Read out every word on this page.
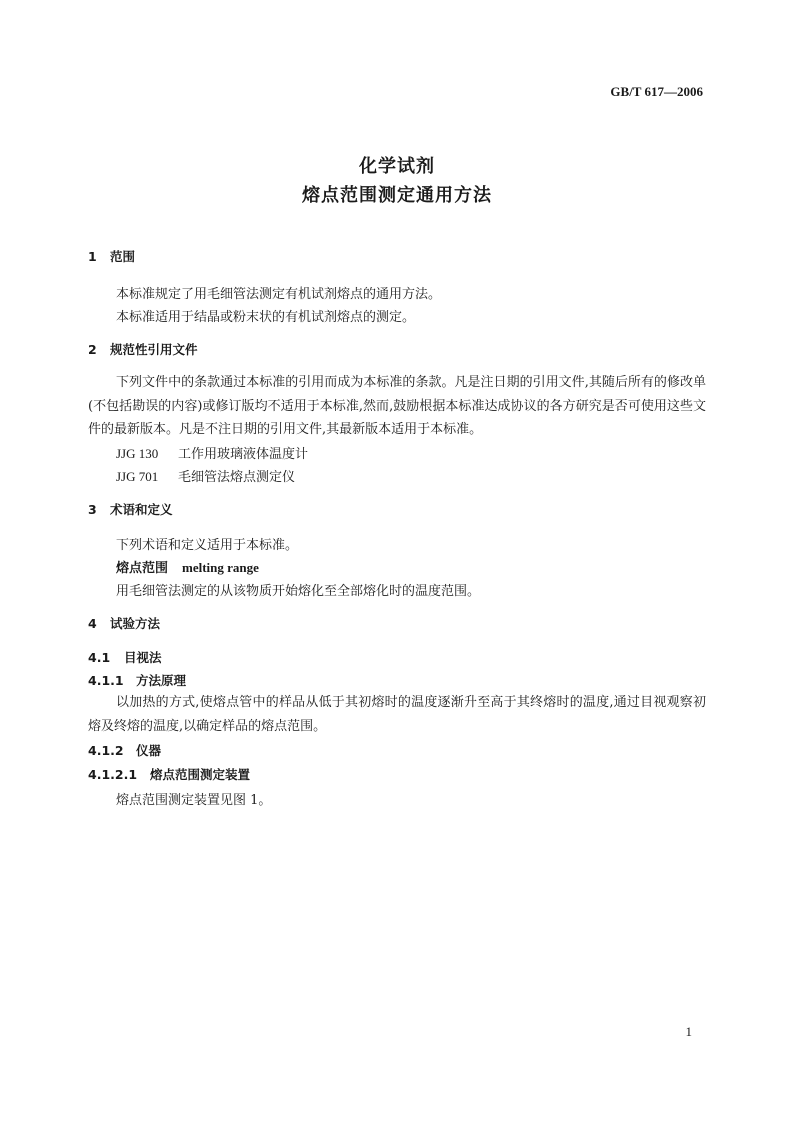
GB/T 617—2006
化学试剂
熔点范围测定通用方法
1 范围
本标准规定了用毛细管法测定有机试剂熔点的通用方法。
本标准适用于结晶或粉末状的有机试剂熔点的测定。
2 规范性引用文件
下列文件中的条款通过本标准的引用而成为本标准的条款。凡是注日期的引用文件,其随后所有的修改单(不包括勘误的内容)或修订版均不适用于本标准,然而,鼓励根据本标准达成协议的各方研究是否可使用这些文件的最新版本。凡是不注日期的引用文件,其最新版本适用于本标准。
JJG 130 工作用玻璃液体温度计
JJG 701 毛细管法熔点测定仪
3 术语和定义
下列术语和定义适用于本标准。
熔点范围 melting range
用毛细管法测定的从该物质开始熔化至全部熔化时的温度范围。
4 试验方法
4.1 目视法
4.1.1 方法原理
以加热的方式,使熔点管中的样品从低于其初熔时的温度逐渐升至高于其终熔时的温度,通过目视观察初熔及终熔的温度,以确定样品的熔点范围。
4.1.2 仪器
4.1.2.1 熔点范围测定装置
熔点范围测定装置见图 1。
1
